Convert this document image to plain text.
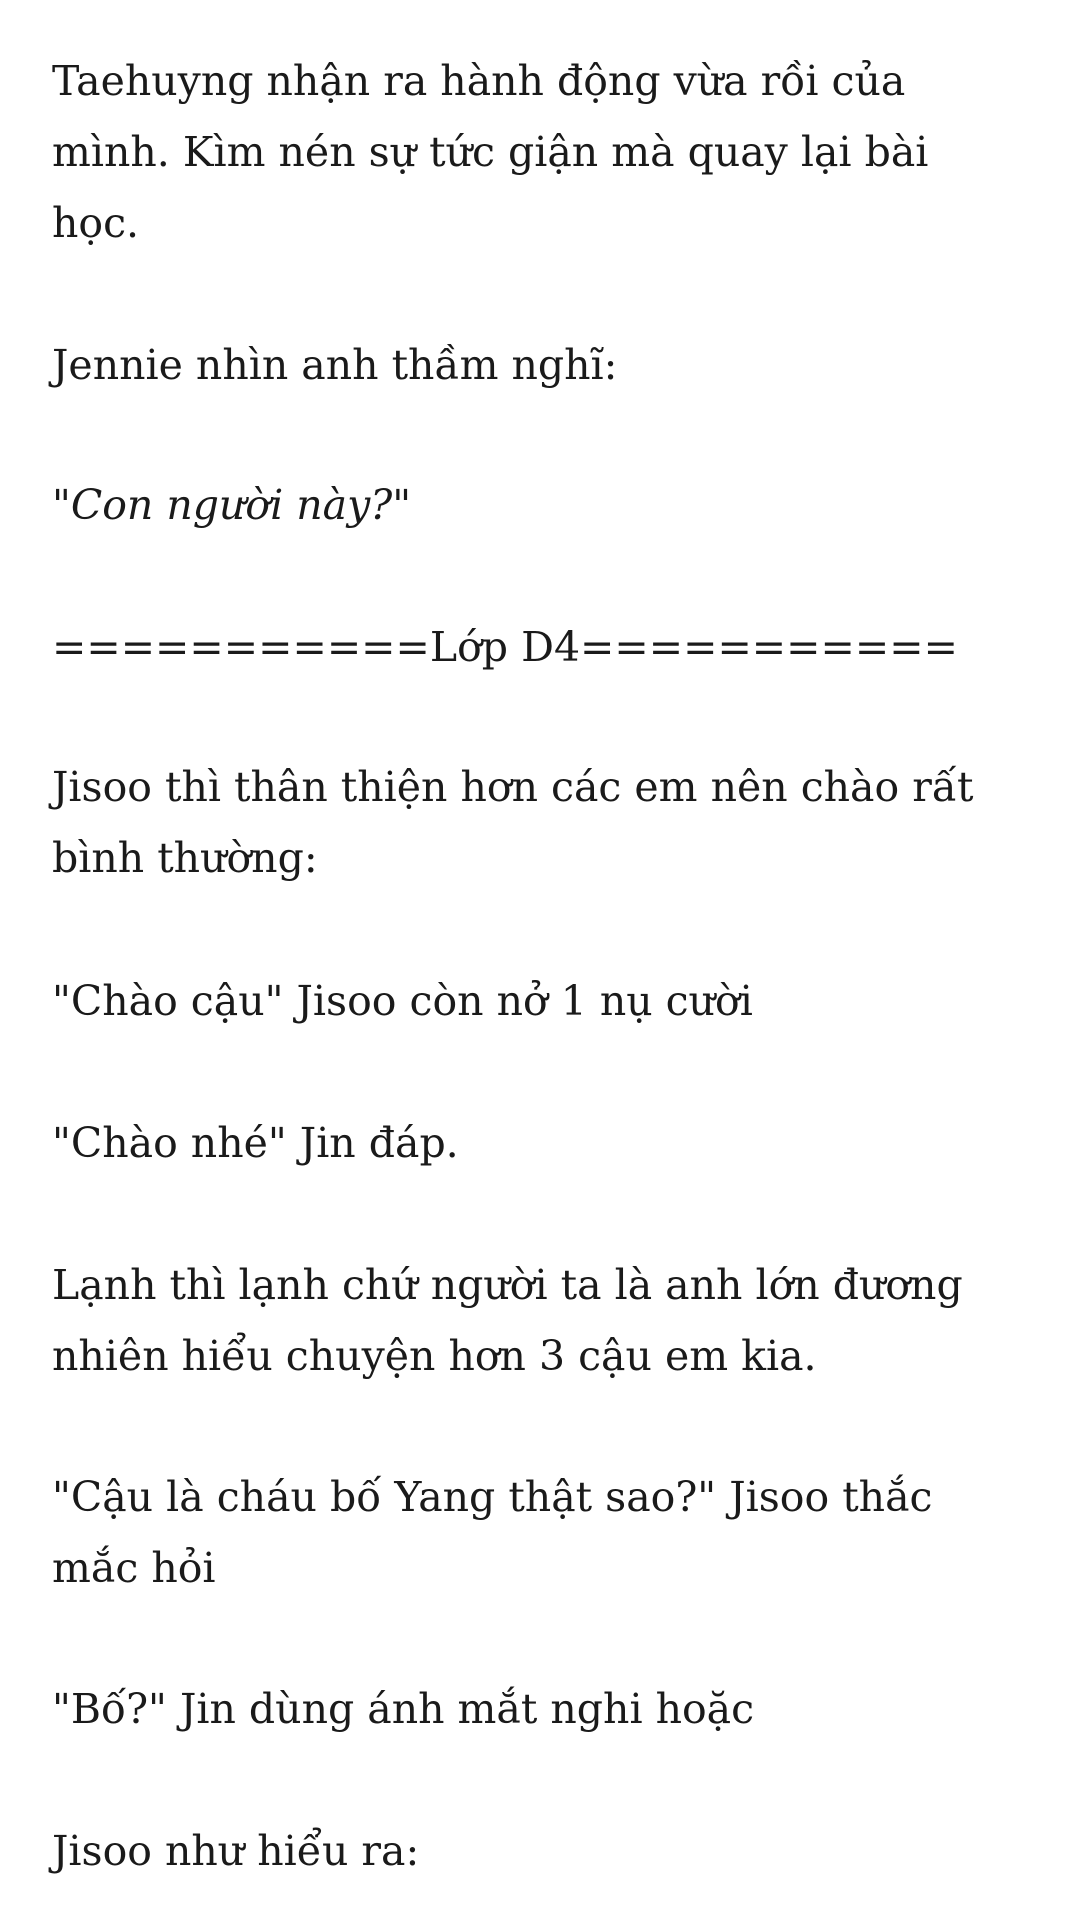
Taehuyng nhận ra hành động vừa rồi của
mình. Kìm nén sự tức giận mà quay lại bài
học.

Jennie nhìn anh thầm nghĩ:

"Con người này?"

===========Lớp D4===========

Jisoo thì thân thiện hơn các em nên chào rất
bình thường:

"Chào cậu" Jisoo còn nở 1 nụ cười

"Chào nhé" Jin đáp.

Lạnh thì lạnh chứ người ta là anh lớn đương
nhiên hiểu chuyện hơn 3 cậu em kia.

"Cậu là cháu bố Yang thật sao?" Jisoo thắc
mắc hỏi

"Bố?" Jin dùng ánh mắt nghi hoặc

Jisoo như hiểu ra:
